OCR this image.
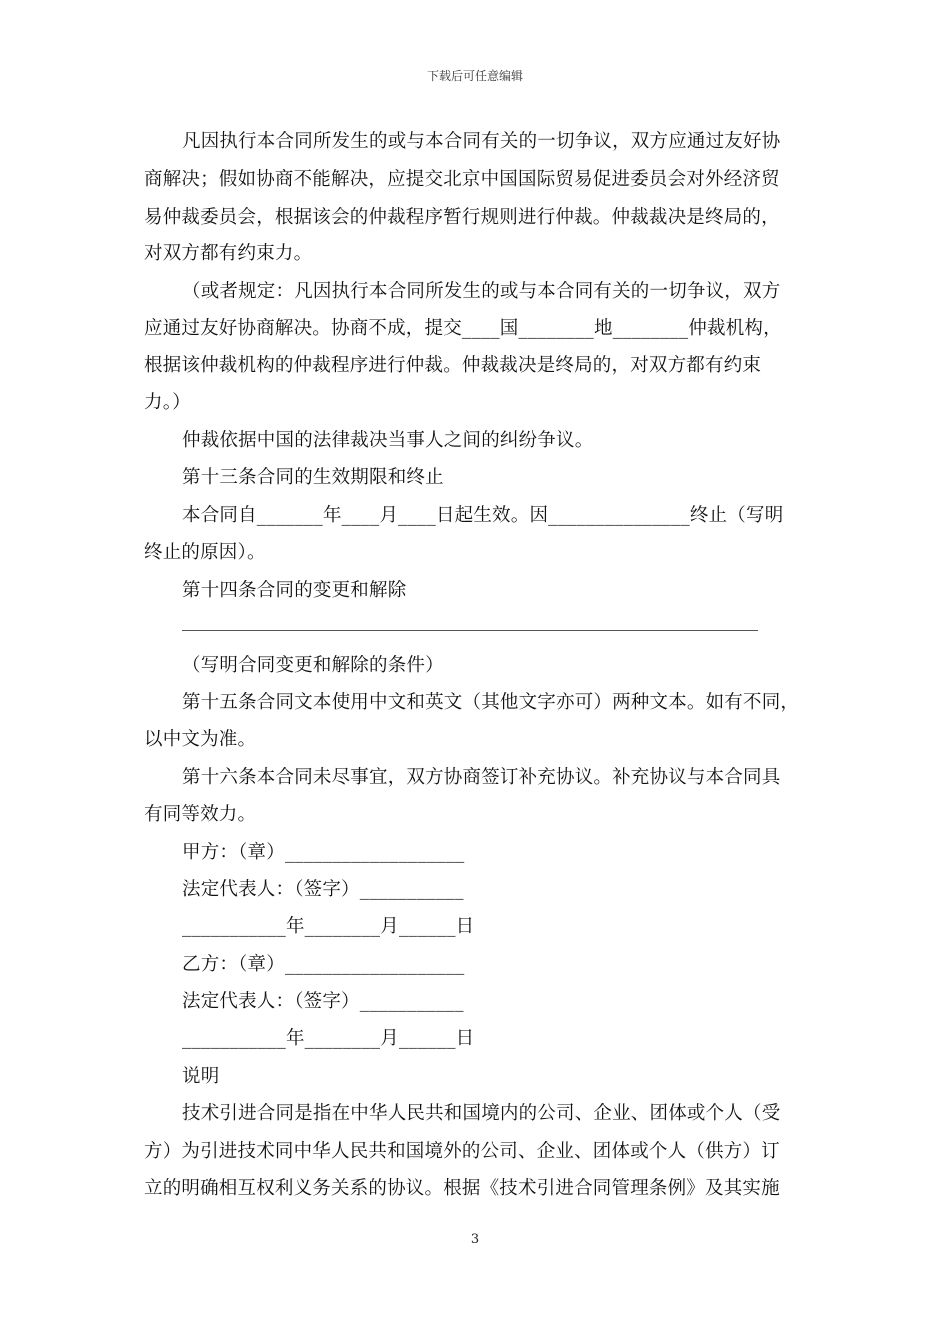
下载后可任意编辑
凡因执行本合同所发生的或与本合同有关的一切争议，双方应通过友好协
商解决；假如协商不能解决，应提交北京中国国际贸易促进委员会对外经济贸
易仲裁委员会，根据该会的仲裁程序暂行规则进行仲裁。仲裁裁决是终局的，
对双方都有约束力。
（或者规定：凡因执行本合同所发生的或与本合同有关的一切争议，双方
应通过友好协商解决。协商不成，提交____国________地________仲裁机构，
根据该仲裁机构的仲裁程序进行仲裁。仲裁裁决是终局的，对双方都有约束
力。）
仲裁依据中国的法律裁决当事人之间的纠纷争议。
第十三条合同的生效期限和终止
本合同自_______年____月____日起生效。因_______________终止（写明
终止的原因）。
第十四条合同的变更和解除
（写明合同变更和解除的条件）
第十五条合同文本使用中文和英文（其他文字亦可）两种文本。如有不同，
以中文为准。
第十六条本合同未尽事宜，双方协商签订补充协议。补充协议与本合同具
有同等效力。
甲方：（章）___________________
法定代表人：（签字）___________
___________年________月______日
乙方：（章）___________________
法定代表人：（签字）___________
___________年________月______日
说明
技术引进合同是指在中华人民共和国境内的公司、企业、团体或个人（受
方）为引进技术同中华人民共和国境外的公司、企业、团体或个人（供方）订
立的明确相互权利义务关系的协议。根据《技术引进合同管理条例》及其实施
3
